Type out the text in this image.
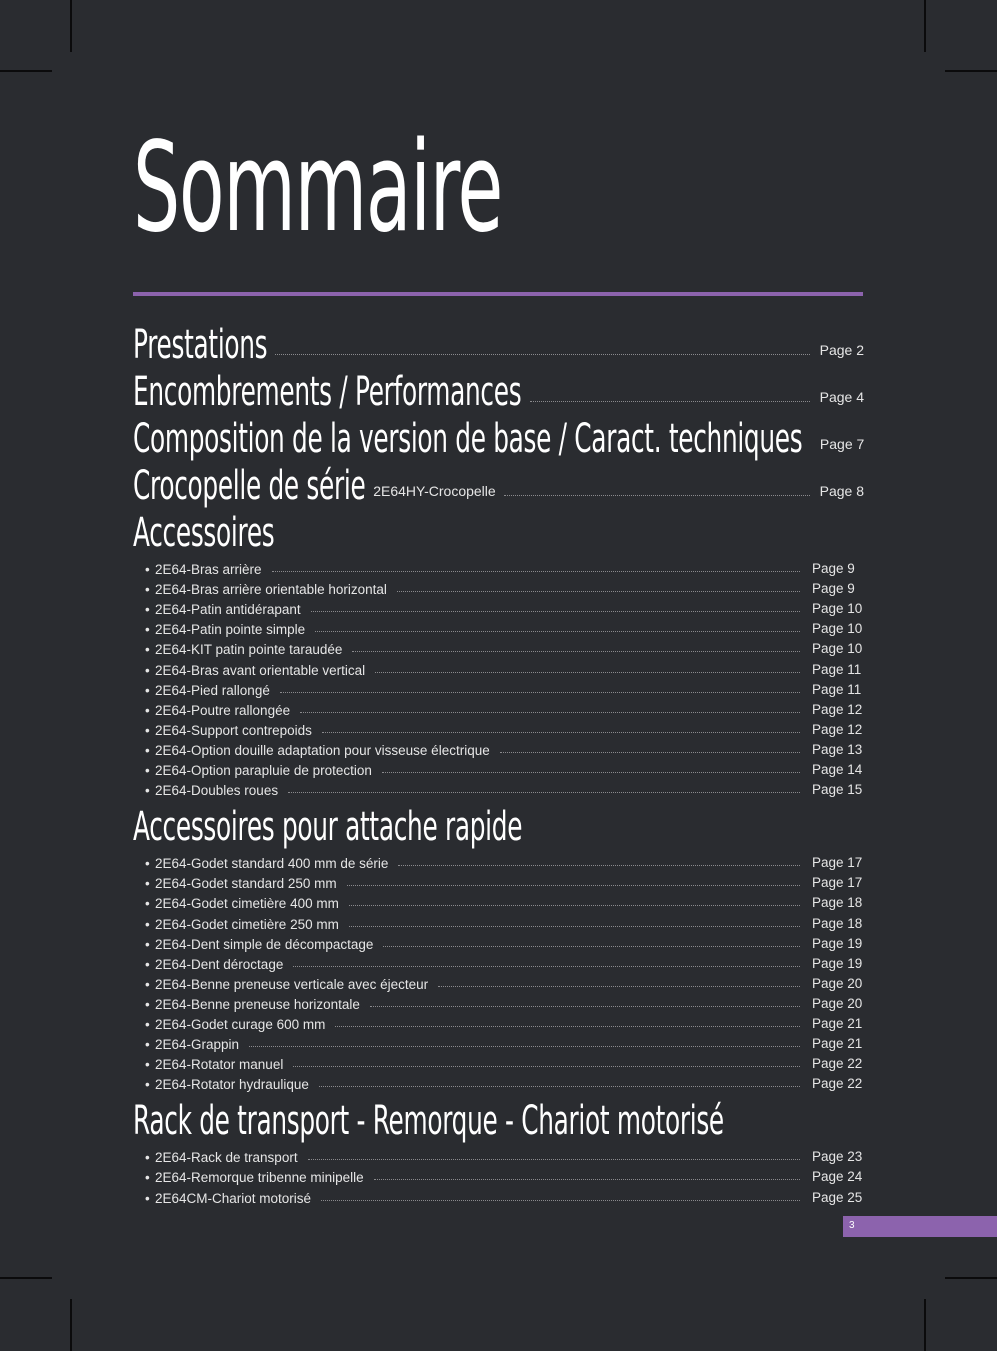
Sommaire
Prestations	Page 2
Encombrements / Performances	Page 4
Composition de la version de base / Caract. techniques Page 7
Crocopelle de série 2E64HY-Crocopelle	Page 8
Accessoires
• 2E64-Bras arrière	Page 9
• 2E64-Bras arrière orientable horizontal	Page 9
• 2E64-Patin antidérapant	Page 10
• 2E64-Patin pointe simple	Page 10
• 2E64-KIT patin pointe taraudée	Page 10
• 2E64-Bras avant orientable vertical	Page 11
• 2E64-Pied rallongé	Page 11
• 2E64-Poutre rallongée	Page 12
• 2E64-Support contrepoids	Page 12
• 2E64-Option douille adaptation pour visseuse électrique	Page 13
• 2E64-Option parapluie de protection	Page 14
• 2E64-Doubles roues	Page 15
Accessoires pour attache rapide
• 2E64-Godet standard 400 mm de série	Page 17
• 2E64-Godet standard 250 mm	Page 17
• 2E64-Godet cimetière 400 mm	Page 18
• 2E64-Godet cimetière 250 mm	Page 18
• 2E64-Dent simple de décompactage	Page 19
• 2E64-Dent déroctage	Page 19
• 2E64-Benne preneuse verticale avec éjecteur	Page 20
• 2E64-Benne preneuse horizontale	Page 20
• 2E64-Godet curage 600 mm	Page 21
• 2E64-Grappin	Page 21
• 2E64-Rotator manuel	Page 22
• 2E64-Rotator hydraulique	Page 22
Rack de transport - Remorque - Chariot motorisé
• 2E64-Rack de transport	Page 23
• 2E64-Remorque tribenne minipelle	Page 24
• 2E64CM-Chariot motorisé	Page 25
3
